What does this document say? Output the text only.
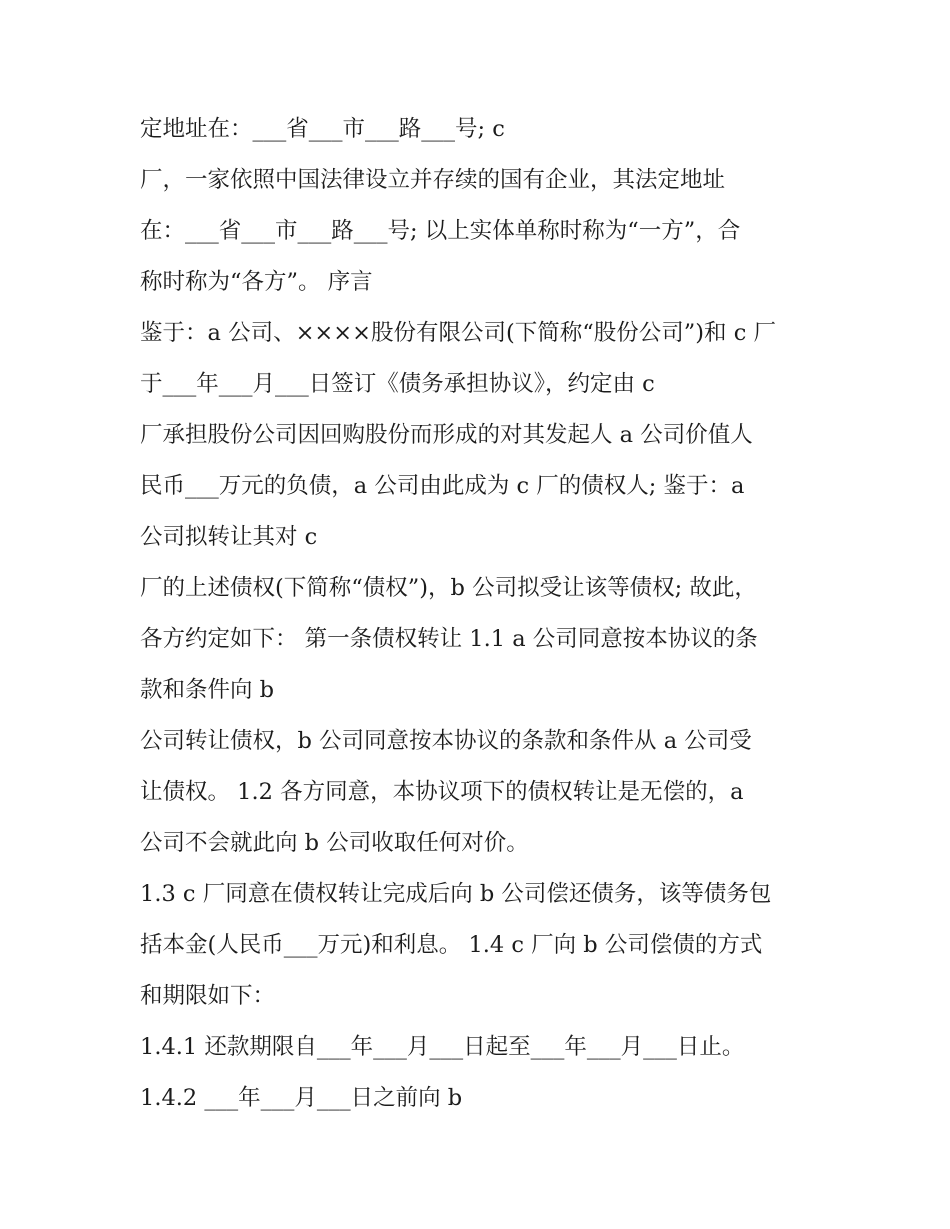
定地址在：___省___市___路___号; c
厂，一家依照中国法律设立并存续的国有企业，其法定地址
在：___省___市___路___号; 以上实体单称时称为“一方”，合
称时称为“各方”。 序言
鉴于：a 公司、××××股份有限公司(下简称“股份公司”)和 c 厂
于___年___月___日签订《债务承担协议》，约定由 c
厂承担股份公司因回购股份而形成的对其发起人 a 公司价值人
民币___万元的负债，a 公司由此成为 c 厂的债权人; 鉴于：a
公司拟转让其对 c
厂的上述债权(下简称“债权”)，b 公司拟受让该等债权; 故此，
各方约定如下： 第一条债权转让 1.1 a 公司同意按本协议的条
款和条件向 b
公司转让债权，b 公司同意按本协议的条款和条件从 a 公司受
让债权。 1.2 各方同意，本协议项下的债权转让是无偿的，a
公司不会就此向 b 公司收取任何对价。
1.3 c 厂同意在债权转让完成后向 b 公司偿还债务，该等债务包
括本金(人民币___万元)和利息。 1.4 c 厂向 b 公司偿债的方式
和期限如下：
1.4.1 还款期限自___年___月___日起至___年___月___日止。
1.4.2 ___年___月___日之前向 b
